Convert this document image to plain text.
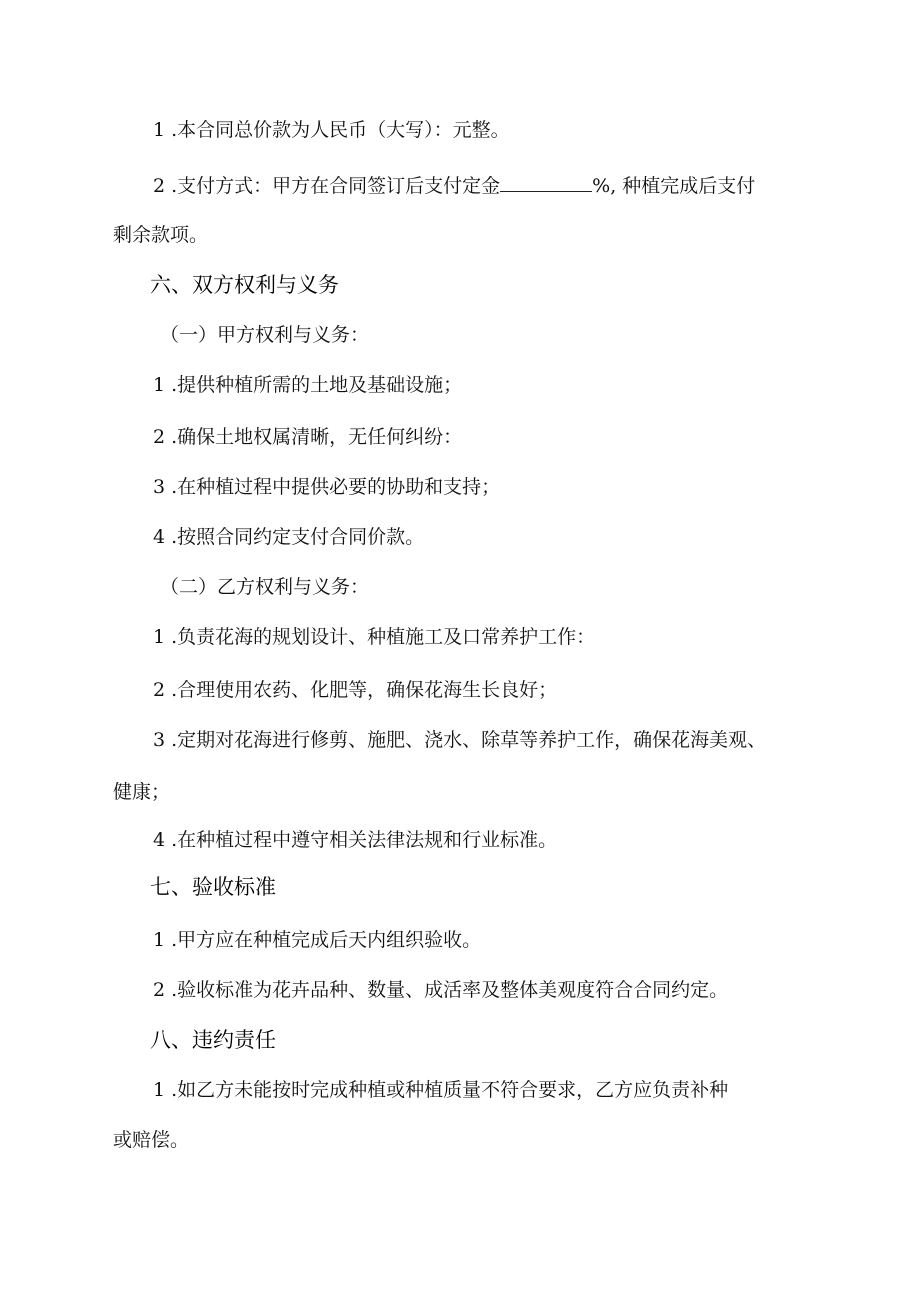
1 .本合同总价款为人民币（大写）：元整。
2 .支付方式：甲方在合同签订后支付定金	%, 种植完成后支付
剩余款项。
六、双方权利与义务
（一）甲方权利与义务：
1 .提供种植所需的土地及基础设施；
2 .确保土地权属清晰，无任何纠纷：
3 .在种植过程中提供必要的协助和支持；
4 .按照合同约定支付合同价款。
（二）乙方权利与义务：
1 .负责花海的规划设计、种植施工及口常养护工作：
2 .合理使用农药、化肥等，确保花海生长良好；
3 .定期对花海进行修剪、施肥、浇水、除草等养护工作，确保花海美观、
健康；
4 .在种植过程中遵守相关法律法规和行业标准。
七、验收标准
1 .甲方应在种植完成后天内组织验收。
2 .验收标准为花卉品种、数量、成活率及整体美观度符合合同约定。
八、违约责任
1 .如乙方未能按时完成种植或种植质量不符合要求，乙方应负责补种
或赔偿。
